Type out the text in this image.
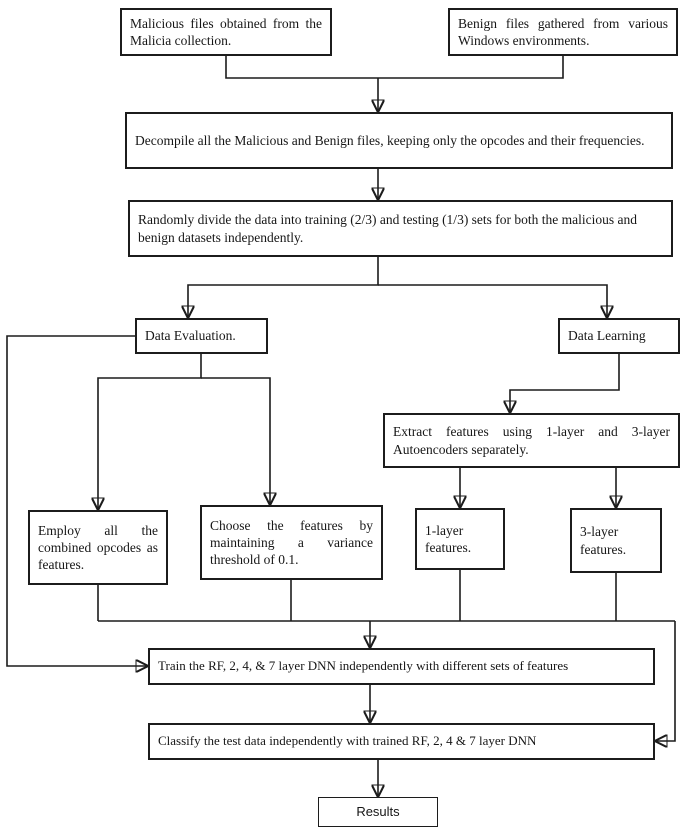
Malicious files obtained from the Malicia collection.
Benign files gathered from various Windows environments.
Decompile all the Malicious and Benign files, keeping only the opcodes and their frequencies.
Randomly divide the data into training (2/3) and testing (1/3) sets for both the malicious and benign datasets independently.
Data Evaluation.	Data Learning
Extract features using 1-layer and 3-layer Autoencoders separately.
Employ all the combined opcodes as features.
Choose the features by maintaining a variance threshold of 0.1.
1-layer features.
3-layer features.
Train the RF, 2, 4, & 7 layer DNN independently with different sets of features
Classify the test data independently with trained RF, 2, 4 & 7 layer DNN
Results
